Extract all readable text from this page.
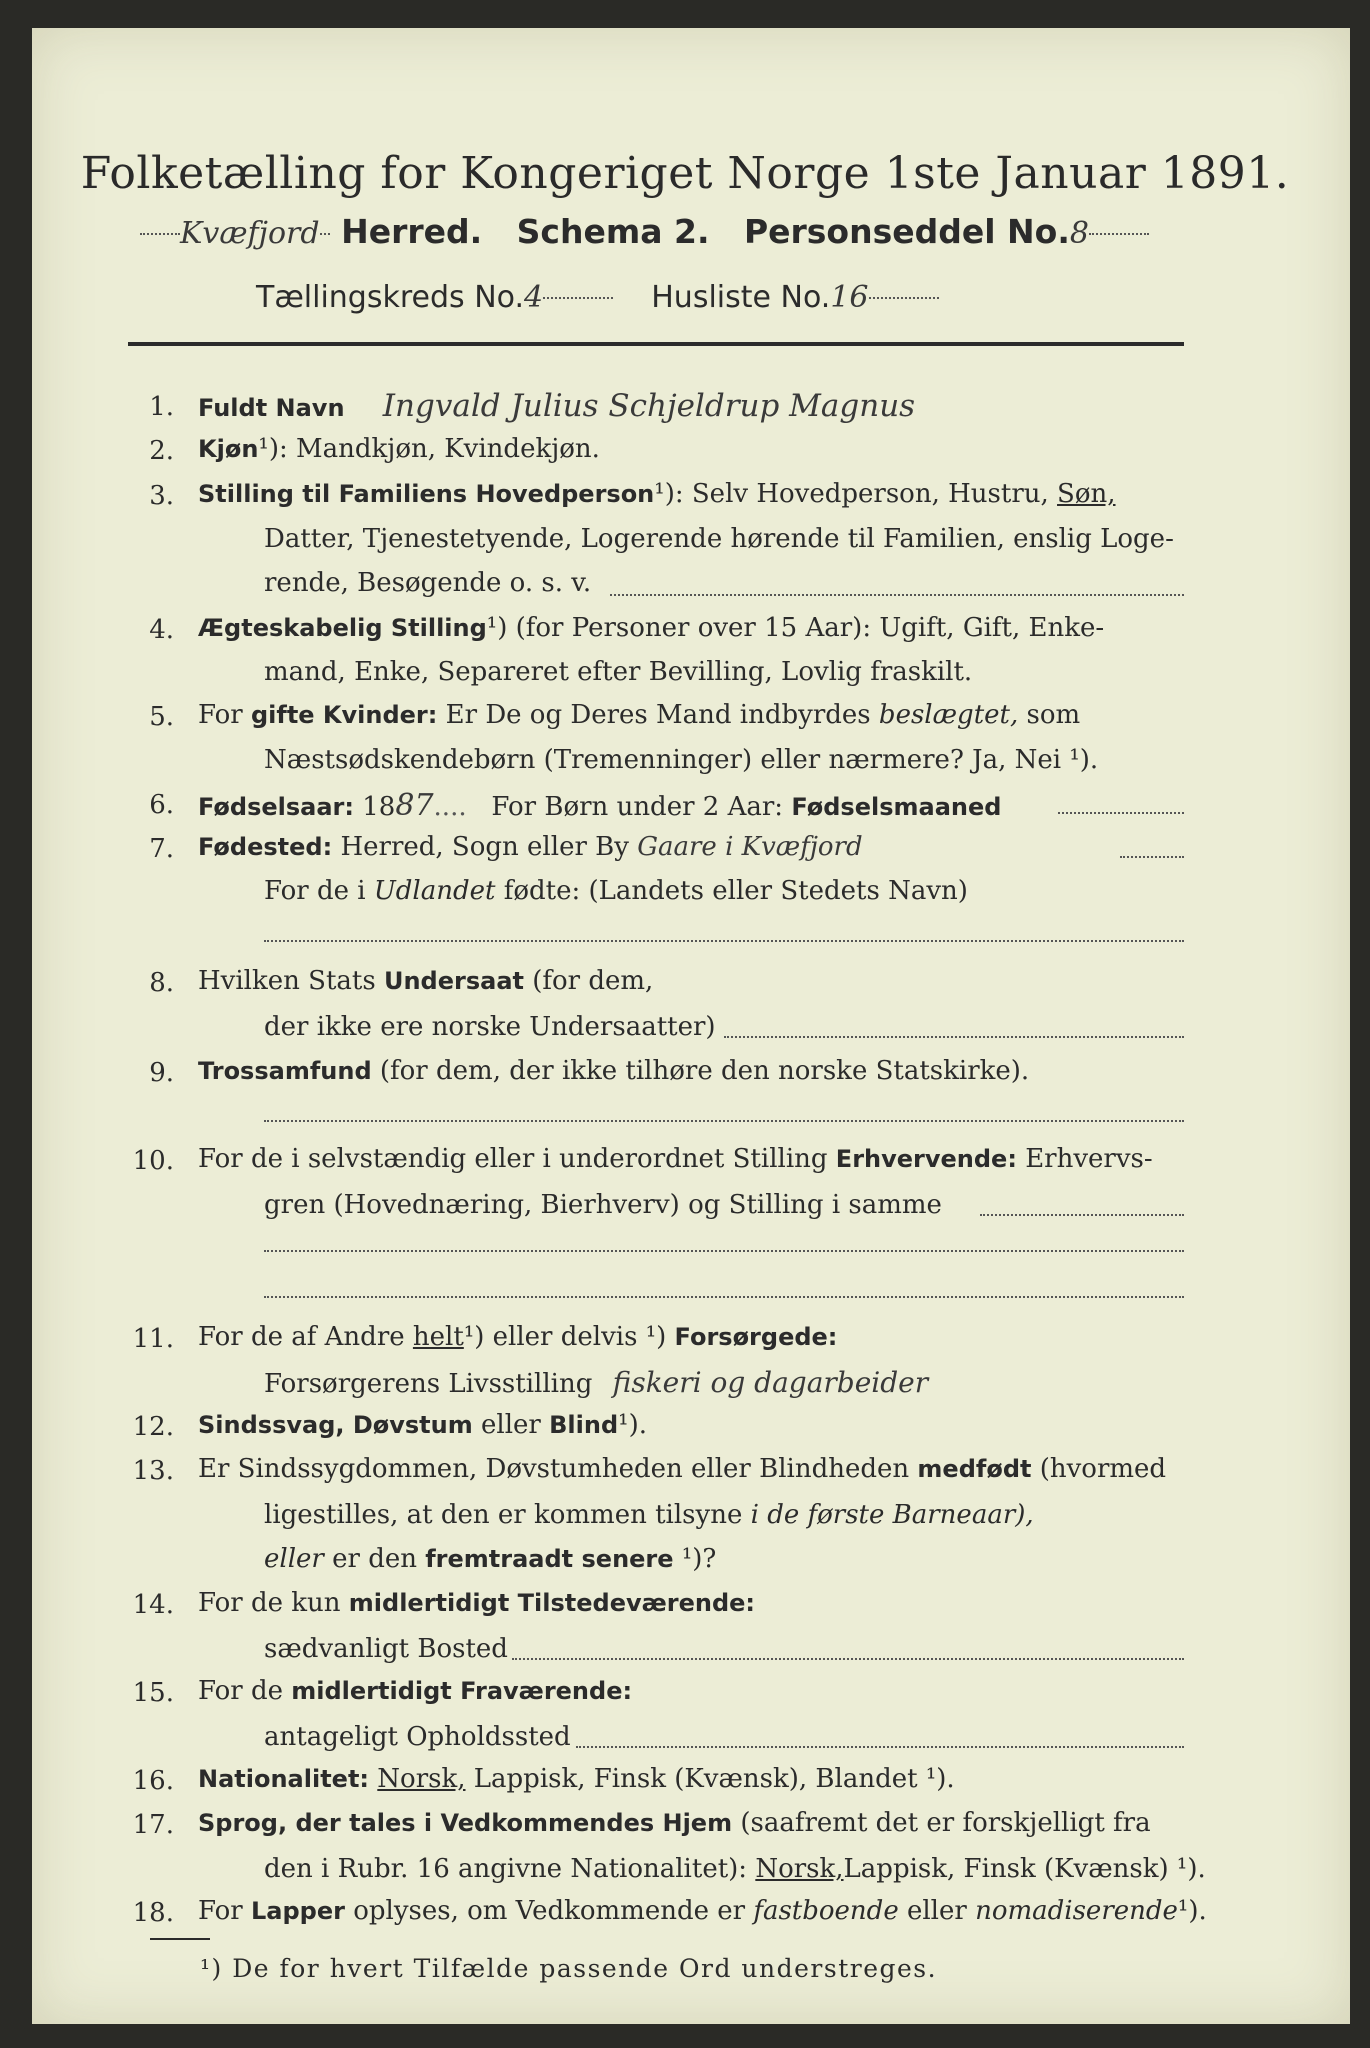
Folketælling for Kongeriget Norge 1ste Januar 1891.
Kvæfjord Herred. Schema 2. Personseddel No.8
Tællingskreds No.4	Husliste No.16
1. Fuldt Navn Ingvald Julius Schjeldrup Magnus
2. Kjøn¹): Mandkjøn, Kvindekjøn.
3. Stilling til Familiens Hovedperson¹): Selv Hovedperson, Hustru, Søn,
Datter, Tjenestetyende, Logerende hørende til Familien, enslig Loge-
rende, Besøgende o. s. v.
4. Ægteskabelig Stilling¹) (for Personer over 15 Aar): Ugift, Gift, Enke-
mand, Enke, Separeret efter Bevilling, Lovlig fraskilt.
5. For gifte Kvinder: Er De og Deres Mand indbyrdes beslægtet, som
Næstsødskendebørn (Tremenninger) eller nærmere? Ja, Nei ¹).
6. Fødselsaar: 1887.... For Børn under 2 Aar: Fødselsmaaned
7. Fødested: Herred, Sogn eller By Gaare i Kvæfjord
For de i Udlandet fødte: (Landets eller Stedets Navn)
8. Hvilken Stats Undersaat (for dem,
der ikke ere norske Undersaatter)
9. Trossamfund (for dem, der ikke tilhøre den norske Statskirke).
10. For de i selvstændig eller i underordnet Stilling Erhvervende: Erhvervs-
gren (Hovednæring, Bierhverv) og Stilling i samme
11. For de af Andre helt¹) eller delvis ¹) Forsørgede:
Forsørgerens Livsstilling fiskeri og dagarbeider
12. Sindssvag, Døvstum eller Blind¹).
13. Er Sindssygdommen, Døvstumheden eller Blindheden medfødt (hvormed
ligestilles, at den er kommen tilsyne i de første Barneaar),
eller er den fremtraadt senere ¹)?
14. For de kun midlertidigt Tilstedeværende:
sædvanligt Bosted
15. For de midlertidigt Fraværende:
antageligt Opholdssted
16. Nationalitet: Norsk, Lappisk, Finsk (Kvænsk), Blandet ¹).
17. Sprog, der tales i Vedkommendes Hjem (saafremt det er forskjelligt fra
den i Rubr. 16 angivne Nationalitet): Norsk,Lappisk, Finsk (Kvænsk) ¹).
18. For Lapper oplyses, om Vedkommende er fastboende eller nomadiserende¹).
¹) De for hvert Tilfælde passende Ord understreges.
